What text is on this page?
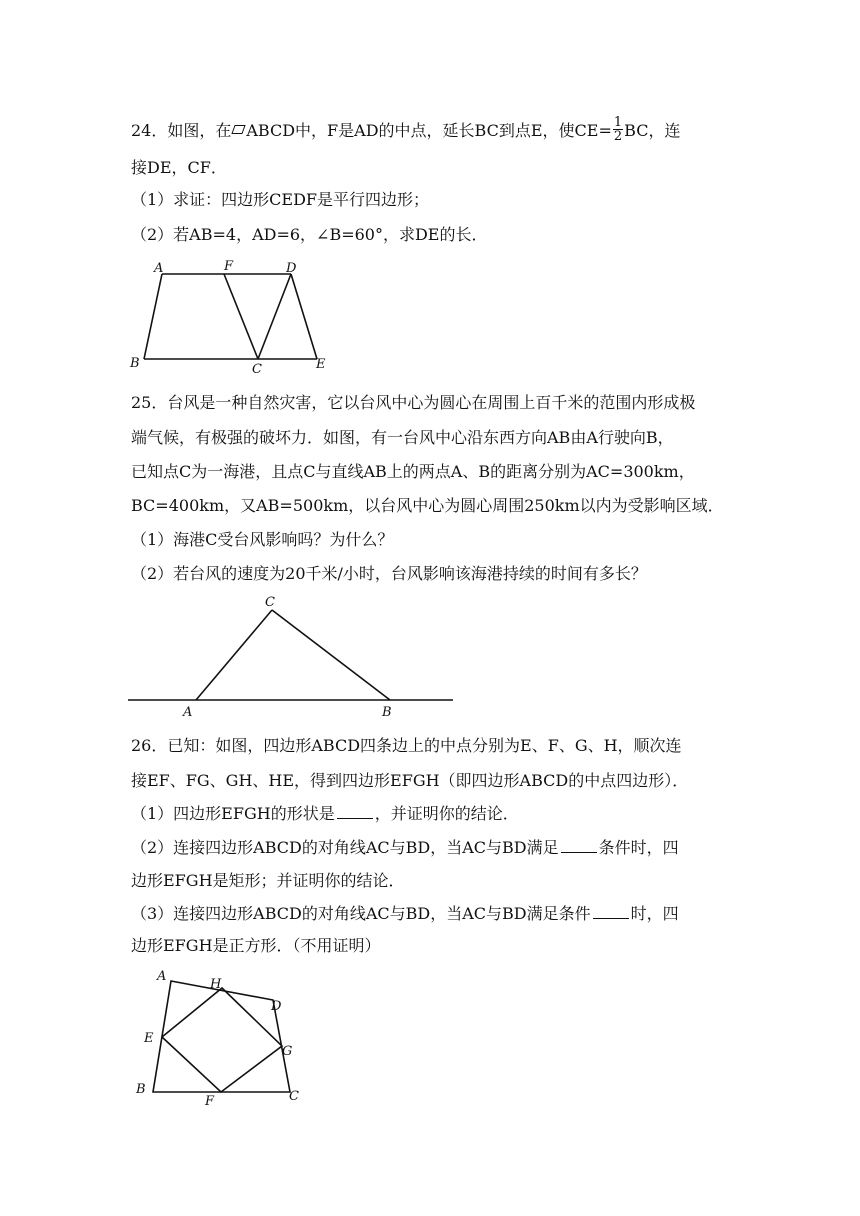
24．如图，在 ABCD中，F是AD的中点，延长BC到点E，使$CE= \frac{1}{2}$ BC，连
接DE，CF．
（1）求证：四边形CEDF是平行四边形；
（2）若AB=4，AD=6，∠B=60°，求DE的长．
A	F	D
B	C	E
25．台风是一种自然灾害，它以台风中心为圆心在周围上百千米的范围内形成极
端气候，有极强的破坏力．如图，有一台风中心沿东西方向AB由A行驶向B，
已知点C为一海港，且点C与直线AB上的两点A、B的距离分别为AC=300km，
BC=400km，又AB=500km，以台风中心为圆心周围250km以内为受影响区域．
（1）海港C受台风影响吗？为什么？
（2）若台风的速度为20千米/小时，台风影响该海港持续的时间有多长？
C
A	B
26．已知：如图，四边形ABCD四条边上的中点分别为E、F、G、H，顺次连
接EF、FG、GH、HE，得到四边形EFGH（即四边形ABCD的中点四边形）．
（1）四边形EFGH的形状是	，并证明你的结论．
（2）连接四边形ABCD的对角线AC与BD，当AC与BD满足	条件时，四
边形EFGH是矩形；并证明你的结论．
（3）连接四边形ABCD的对角线AC与BD，当AC与BD满足条件	时，四
边形EFGH是正方形．（不用证明）
A
H
D
E
G
B
F	C
